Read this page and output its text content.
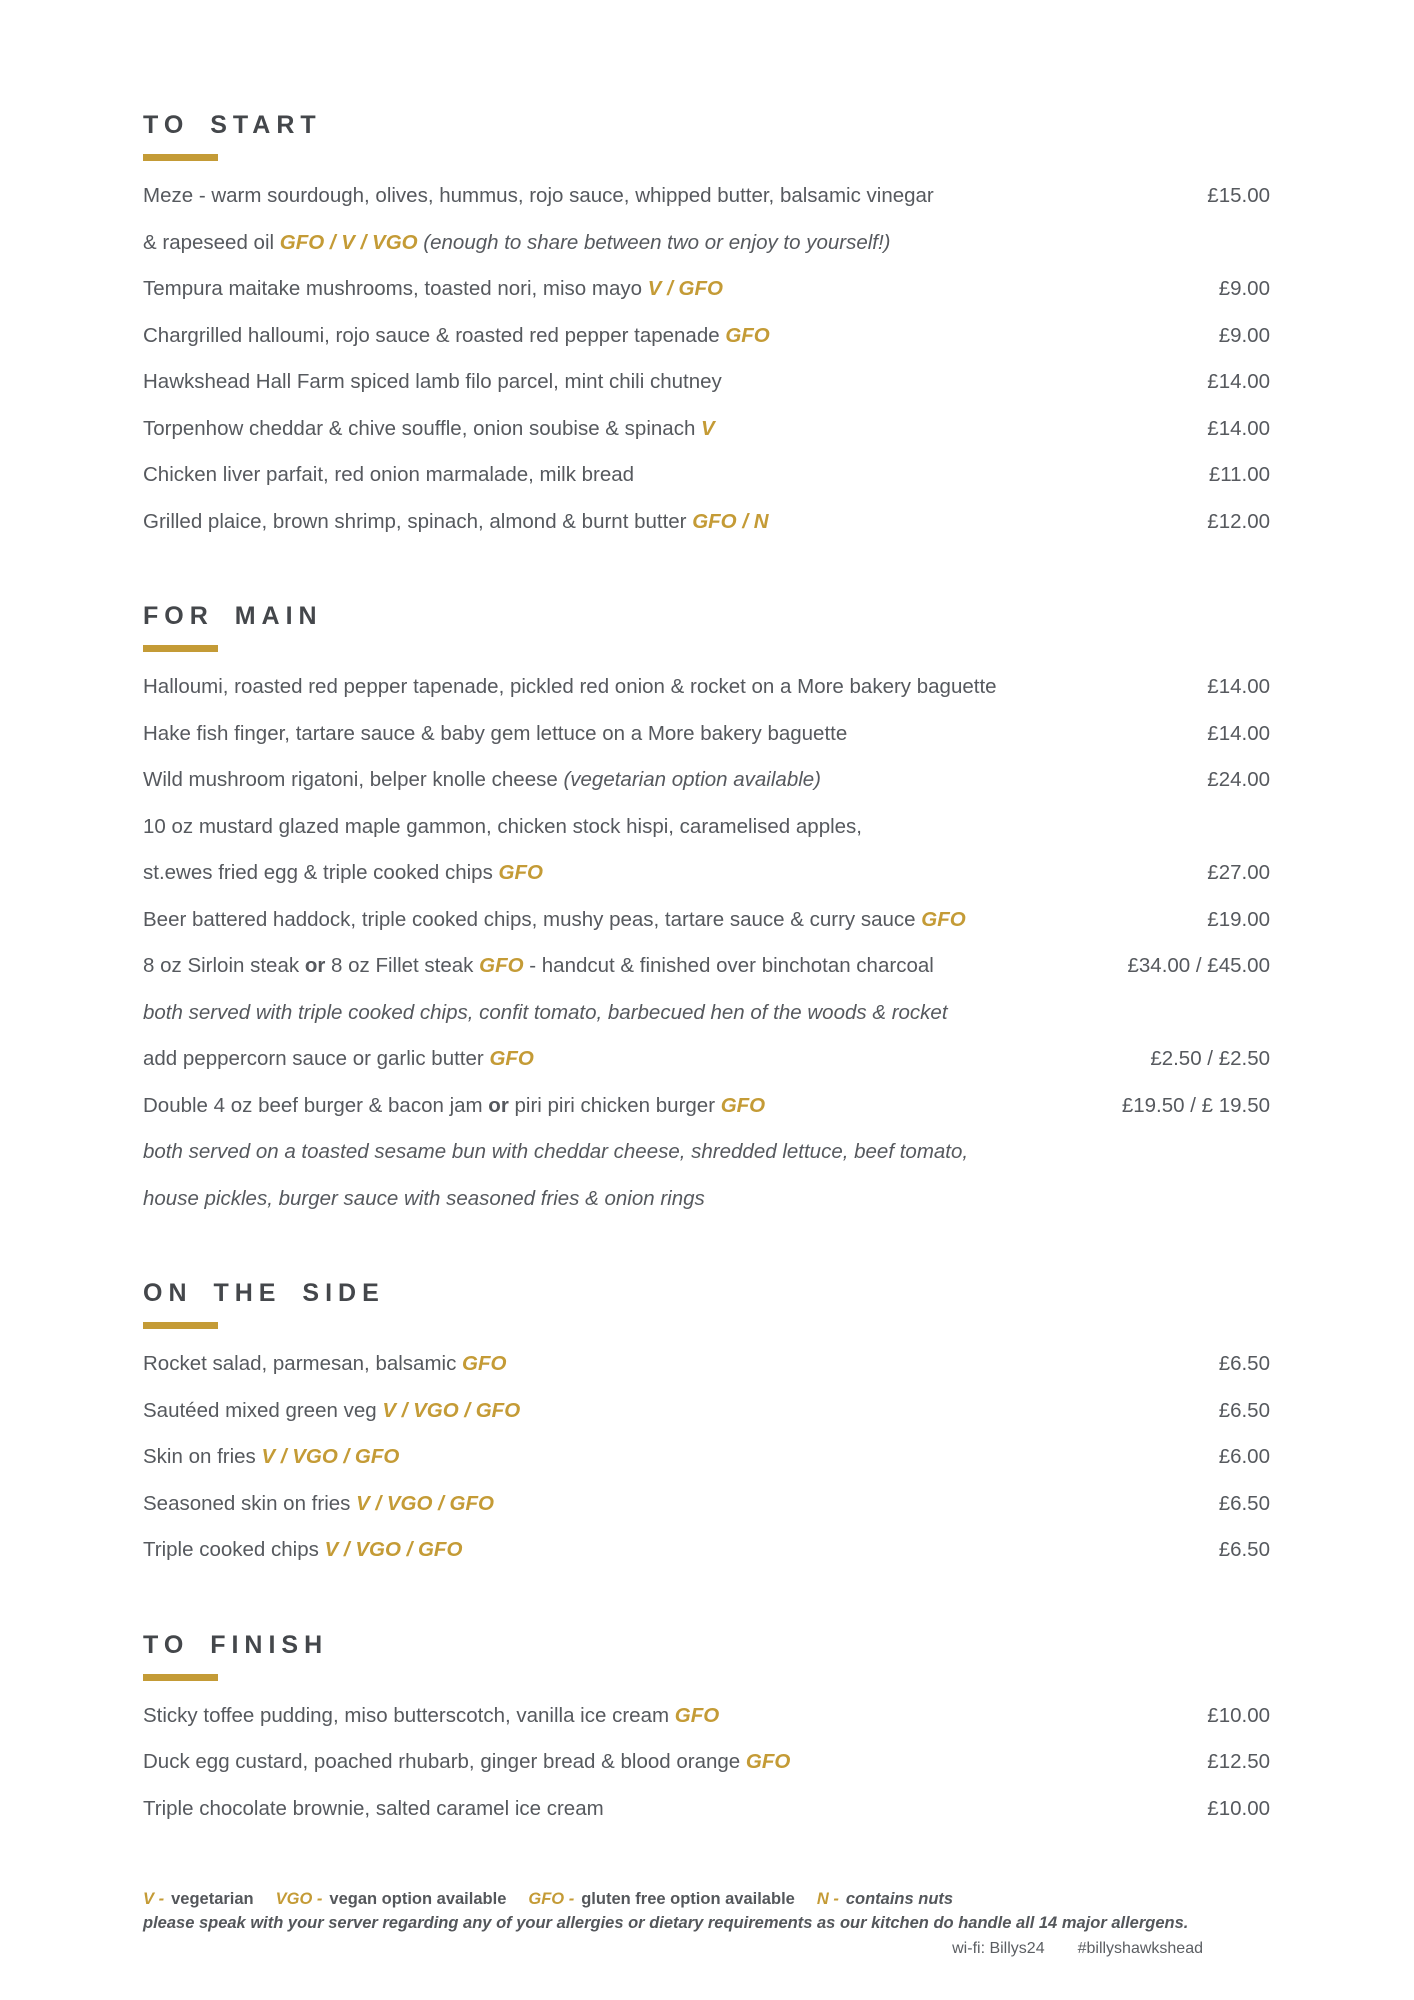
TO START
Meze - warm sourdough, olives, hummus, rojo sauce, whipped butter, balsamic vinegar	£15.00
& rapeseed oil GFO / V / VGO (enough to share between two or enjoy to yourself!)
Tempura maitake mushrooms, toasted nori, miso mayo V / GFO	£9.00
Chargrilled halloumi, rojo sauce & roasted red pepper tapenade GFO	£9.00
Hawkshead Hall Farm spiced lamb filo parcel, mint chili chutney	£14.00
Torpenhow cheddar & chive souffle, onion soubise & spinach V	£14.00
Chicken liver parfait, red onion marmalade, milk bread	£11.00
Grilled plaice, brown shrimp, spinach, almond & burnt butter GFO / N	£12.00
FOR MAIN
Halloumi, roasted red pepper tapenade, pickled red onion & rocket on a More bakery baguette	£14.00
Hake fish finger, tartare sauce & baby gem lettuce on a More bakery baguette	£14.00
Wild mushroom rigatoni, belper knolle cheese (vegetarian option available)	£24.00
10 oz mustard glazed maple gammon, chicken stock hispi, caramelised apples,
st.ewes fried egg & triple cooked chips GFO	£27.00
Beer battered haddock, triple cooked chips, mushy peas, tartare sauce & curry sauce GFO	£19.00
8 oz Sirloin steak or 8 oz Fillet steak GFO - handcut & finished over binchotan charcoal	£34.00 / £45.00
both served with triple cooked chips, confit tomato, barbecued hen of the woods & rocket
add peppercorn sauce or garlic butter GFO	£2.50 / £2.50
Double 4 oz beef burger & bacon jam or piri piri chicken burger GFO	£19.50 / £ 19.50
both served on a toasted sesame bun with cheddar cheese, shredded lettuce, beef tomato,
house pickles, burger sauce with seasoned fries & onion rings
ON THE SIDE
Rocket salad, parmesan, balsamic GFO	£6.50
Sautéed mixed green veg V / VGO / GFO	£6.50
Skin on fries V / VGO / GFO	£6.00
Seasoned skin on fries V / VGO / GFO	£6.50
Triple cooked chips V / VGO / GFO	£6.50
TO FINISH
Sticky toffee pudding, miso butterscotch, vanilla ice cream GFO	£10.00
Duck egg custard, poached rhubarb, ginger bread & blood orange GFO	£12.50
Triple chocolate brownie, salted caramel ice cream	£10.00
V - vegetarian VGO - vegan option available GFO - gluten free option available N - contains nuts
please speak with your server regarding any of your allergies or dietary requirements as our kitchen do handle all 14 major allergens.
wi-fi: Billys24 #billyshawkshead
